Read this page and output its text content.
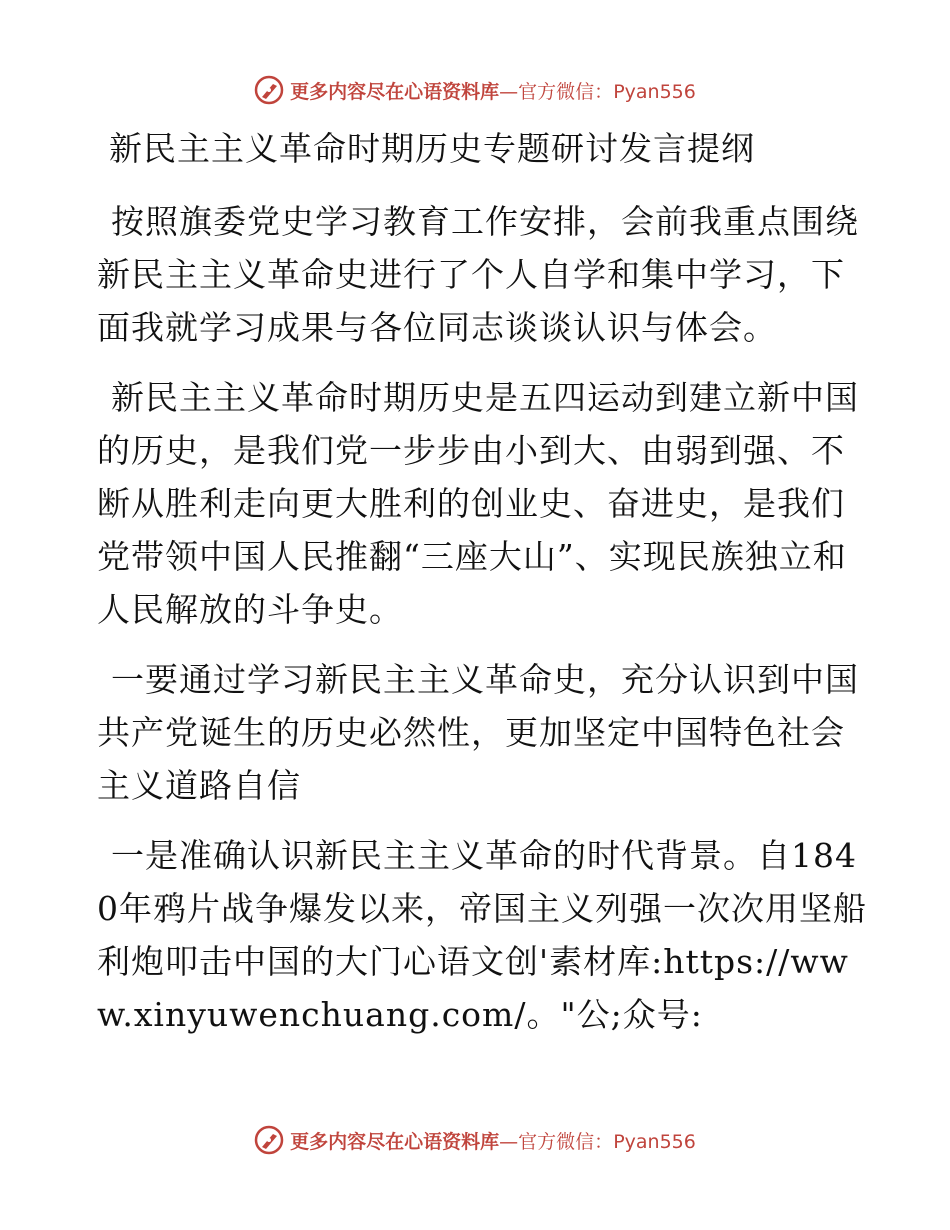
更多内容尽在心语资料库—官方微信：Pyan556
新民主主义革命时期历史专题研讨发言提纲
按照旗委党史学习教育工作安排，会前我重点围绕新民主主义革命史进行了个人自学和集中学习，下面我就学习成果与各位同志谈谈认识与体会。
新民主主义革命时期历史是五四运动到建立新中国的历史，是我们党一步步由小到大、由弱到强、不断从胜利走向更大胜利的创业史、奋进史，是我们党带领中国人民推翻“三座大山”、实现民族独立和人民解放的斗争史。
一要通过学习新民主主义革命史，充分认识到中国共产党诞生的历史必然性，更加坚定中国特色社会主义道路自信
一是准确认识新民主主义革命的时代背景。自1840年鸦片战争爆发以来，帝国主义列强一次次用坚船利炮叩击中国的大门心语文创'素材库:https://www.xinyuwenchuang.com/。"公;众号:
更多内容尽在心语资料库—官方微信：Pyan556
